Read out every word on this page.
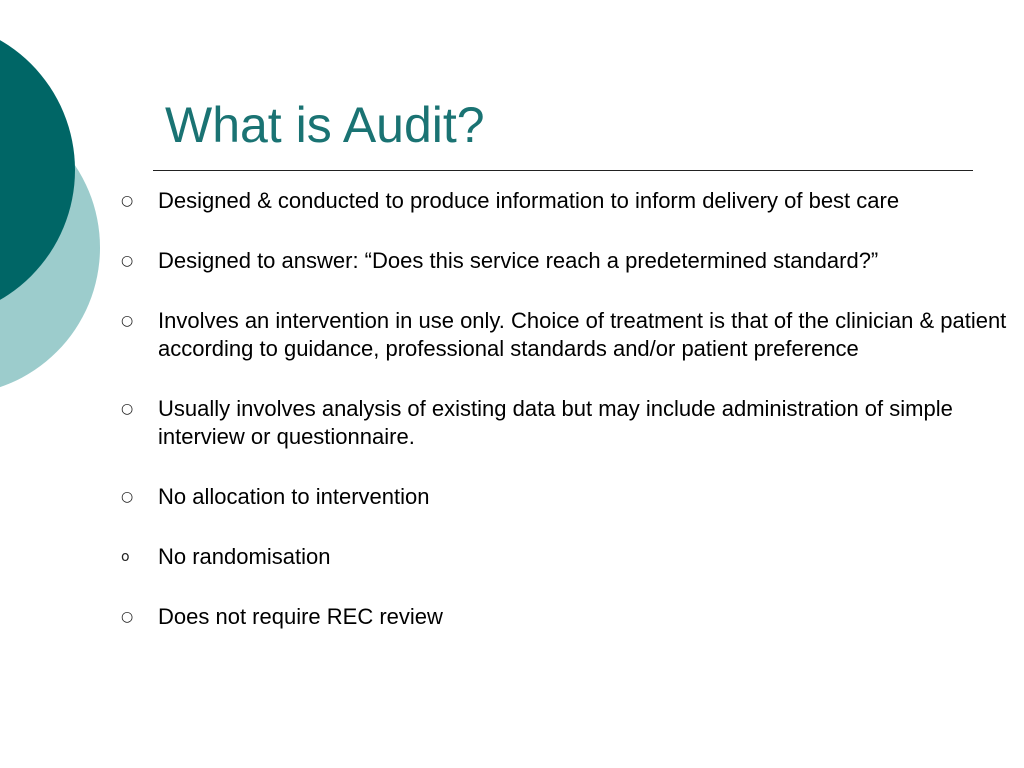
What is Audit?
○	Designed & conducted to produce information to inform delivery of best care
○	Designed to answer: “Does this service reach a predetermined standard?”
○	Involves an intervention in use only. Choice of treatment is that of the clinician & patient according to guidance, professional standards and/or patient preference
○	Usually involves analysis of existing data but may include administration of simple interview or questionnaire.
○	No allocation to intervention
o	No randomisation
○	Does not require REC review
